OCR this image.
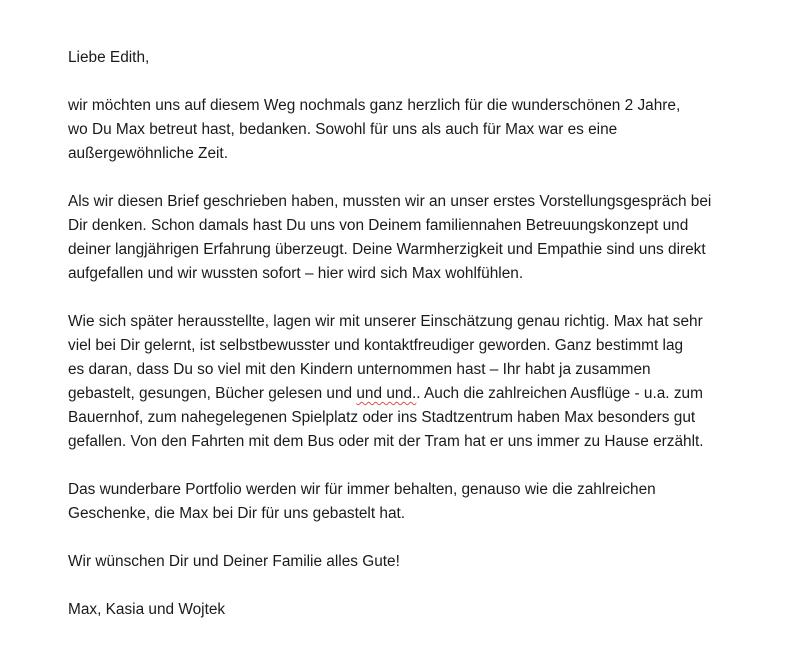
Liebe Edith,

wir möchten uns auf diesem Weg nochmals ganz herzlich für die wunderschönen 2 Jahre,
wo Du Max betreut hast, bedanken. Sowohl für uns als auch für Max war es eine
außergewöhnliche Zeit.

Als wir diesen Brief geschrieben haben, mussten wir an unser erstes Vorstellungsgespräch bei
Dir denken. Schon damals hast Du uns von Deinem familiennahen Betreuungskonzept und
deiner langjährigen Erfahrung überzeugt. Deine Warmherzigkeit und Empathie sind uns direkt
aufgefallen und wir wussten sofort – hier wird sich Max wohlfühlen.

Wie sich später herausstellte, lagen wir mit unserer Einschätzung genau richtig. Max hat sehr
viel bei Dir gelernt, ist selbstbewusster und kontaktfreudiger geworden. Ganz bestimmt lag
es daran, dass Du so viel mit den Kindern unternommen hast – Ihr habt ja zusammen
gebastelt, gesungen, Bücher gelesen und und und.. Auch die zahlreichen Ausflüge - u.a. zum
Bauernhof, zum nahegelegenen Spielplatz oder ins Stadtzentrum haben Max besonders gut
gefallen. Von den Fahrten mit dem Bus oder mit der Tram hat er uns immer zu Hause erzählt.

Das wunderbare Portfolio werden wir für immer behalten, genauso wie die zahlreichen
Geschenke, die Max bei Dir für uns gebastelt hat.

Wir wünschen Dir und Deiner Familie alles Gute!

Max, Kasia und Wojtek
